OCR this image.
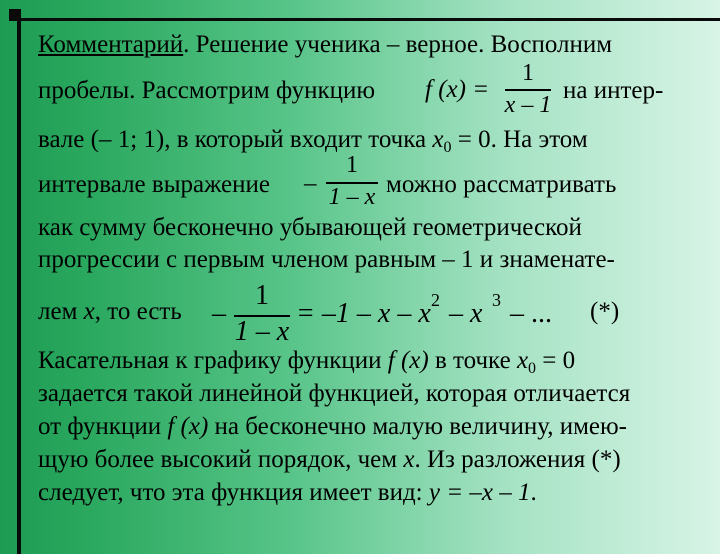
Комментарий. Решение ученика – верное. Восполним
пробелы. Рассмотрим функцию f (x) =
1
x – 1
на интер-
вале (– 1; 1), в который входит точка $x_0 = 0$. На этом
интервале выражение –
1
1 – x можно рассматривать
как сумму бесконечно убывающей геометрической
прогрессии с первым членом равным – 1 и знаменате-
лем x, то есть –
1
1 – x
= –1 – x – x 2 – x 3 – ... (*)
Касательная к графику функции f (x) в точке $x_0 = 0$
задается такой линейной функцией, которая отличается
от функции f (x) на бесконечно малую величину, имею-
щую более высокий порядок, чем x. Из разложения (*)
следует, что эта функция имеет вид: y = –x – 1.
